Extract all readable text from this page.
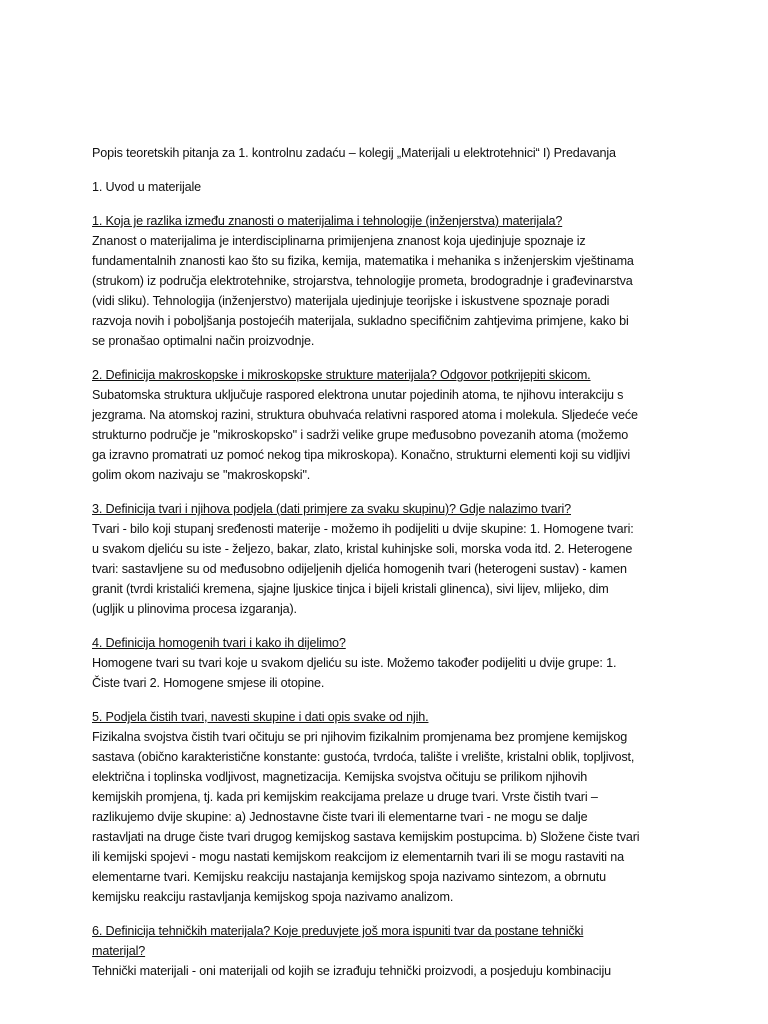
Popis teoretskih pitanja za 1. kontrolnu zadaću – kolegij „Materijali u elektrotehnici“ I) Predavanja

1. Uvod u materijale

1. Koja je razlika između znanosti o materijalima i tehnologije (inženjerstva) materijala?

Znanost o materijalima je interdisciplinarna primijenjena znanost koja ujedinjuje spoznaje iz
fundamentalnih znanosti kao što su fizika, kemija, matematika i mehanika s inženjerskim vještinama
(strukom) iz područja elektrotehnike, strojarstva, tehnologije prometa, brodogradnje i građevinarstva
(vidi sliku). Tehnologija (inženjerstvo) materijala ujedinjuje teorijske i iskustvene spoznaje poradi
razvoja novih i poboljšanja postojećih materijala, sukladno specifičnim zahtjevima primjene, kako bi
se pronašao optimalni način proizvodnje.

2. Definicija makroskopske i mikroskopske strukture materijala? Odgovor potkrijepiti skicom.

Subatomska struktura uključuje raspored elektrona unutar pojedinih atoma, te njihovu interakciju s
jezgrama. Na atomskoj razini, struktura obuhvaća relativni raspored atoma i molekula. Sljedeće veće
strukturno područje je "mikroskopsko" i sadrži velike grupe međusobno povezanih atoma (možemo
ga izravno promatrati uz pomoć nekog tipa mikroskopa). Konačno, strukturni elementi koji su vidljivi
golim okom nazivaju se "makroskopski".

3. Definicija tvari i njihova podjela (dati primjere za svaku skupinu)? Gdje nalazimo tvari?

Tvari - bilo koji stupanj sređenosti materije - možemo ih podijeliti u dvije skupine: 1. Homogene tvari:
u svakom djeliću su iste - željezo, bakar, zlato, kristal kuhinjske soli, morska voda itd. 2. Heterogene
tvari: sastavljene su od međusobno odijeljenih djelića homogenih tvari (heterogeni sustav) - kamen
granit (tvrdi kristalići kremena, sjajne ljuskice tinjca i bijeli kristali glinenca), sivi lijev, mlijeko, dim
(ugljik u plinovima procesa izgaranja).

4. Definicija homogenih tvari i kako ih dijelimo?

Homogene tvari su tvari koje u svakom djeliću su iste. Možemo također podijeliti u dvije grupe: 1.
Čiste tvari 2. Homogene smjese ili otopine.

5. Podjela čistih tvari, navesti skupine i dati opis svake od njih.

Fizikalna svojstva čistih tvari očituju se pri njihovim fizikalnim promjenama bez promjene kemijskog
sastava (obično karakteristične konstante: gustoća, tvrdoća, talište i vrelište, kristalni oblik, topljivost,
električna i toplinska vodljivost, magnetizacija. Kemijska svojstva očituju se prilikom njihovih
kemijskih promjena, tj. kada pri kemijskim reakcijama prelaze u druge tvari. Vrste čistih tvari –
razlikujemo dvije skupine: a) Jednostavne čiste tvari ili elementarne tvari - ne mogu se dalje
rastavljati na druge čiste tvari drugog kemijskog sastava kemijskim postupcima. b) Složene čiste tvari
ili kemijski spojevi - mogu nastati kemijskom reakcijom iz elementarnih tvari ili se mogu rastaviti na
elementarne tvari. Kemijsku reakciju nastajanja kemijskog spoja nazivamo sintezom, a obrnutu
kemijsku reakciju rastavljanja kemijskog spoja nazivamo analizom.

6. Definicija tehničkih materijala? Koje preduvjete još mora ispuniti tvar da postane tehnički
materijal?

Tehnički materijali - oni materijali od kojih se izrađuju tehnički proizvodi, a posjeduju kombinaciju
